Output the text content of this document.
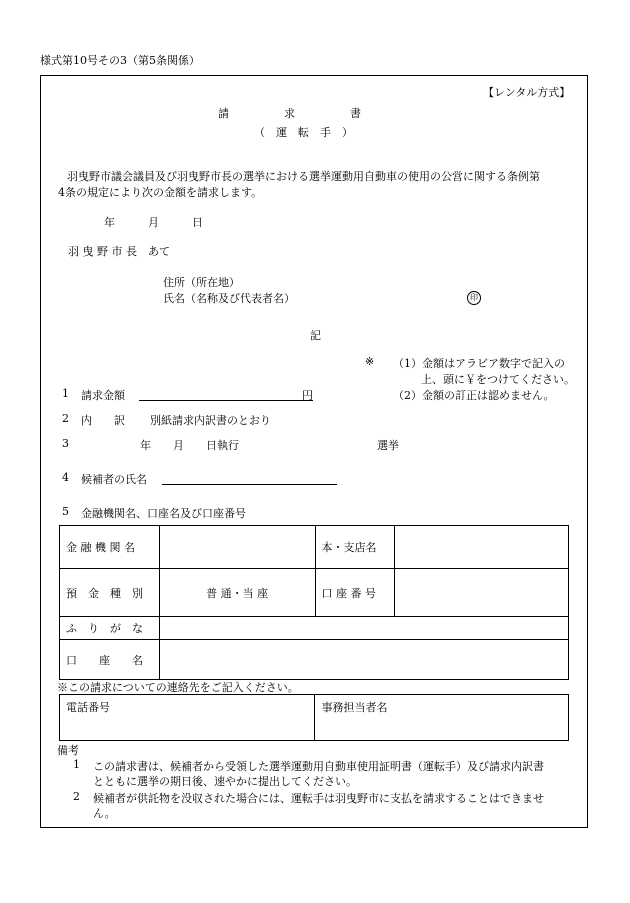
様式第10号その3（第5条関係）
【レンタル方式】
請　　　　　求　　　　　書
（　運　転　手　）
羽曳野市議会議員及び羽曳野市長の選挙における選挙運動用自動車の使用の公営に関する条例第
4条の規定により次の金額を請求します。
年　　　月　　　日
羽 曳 野 市 長　あて
住所（所在地）
氏名（名称及び代表者名）	印
記
※ （1）金額はアラビア数字で記入の
上、頭に￥をつけてください。
（2）金額の訂正は認めません。
1 請求金額	円
2 内　　訳 別紙請求内訳書のとおり
3	年　　月　　日執行	選挙
4 候補者の氏名
5 金融機関名、口座名及び口座番号
金 融 機 関 名		本・支店名	
預　金　種　別	普 通・当 座	口 座 番 号	
ふ　り　が　な			
口　　座　　名			
※この請求についての連絡先をご記入ください。
電話番号	事務担当者名
備考
1 この請求書は、候補者から受領した選挙運動用自動車使用証明書（運転手）及び請求内訳書
とともに選挙の期日後、速やかに提出してください。
2 候補者が供託物を没収された場合には、運転手は羽曳野市に支払を請求することはできませ
ん。
